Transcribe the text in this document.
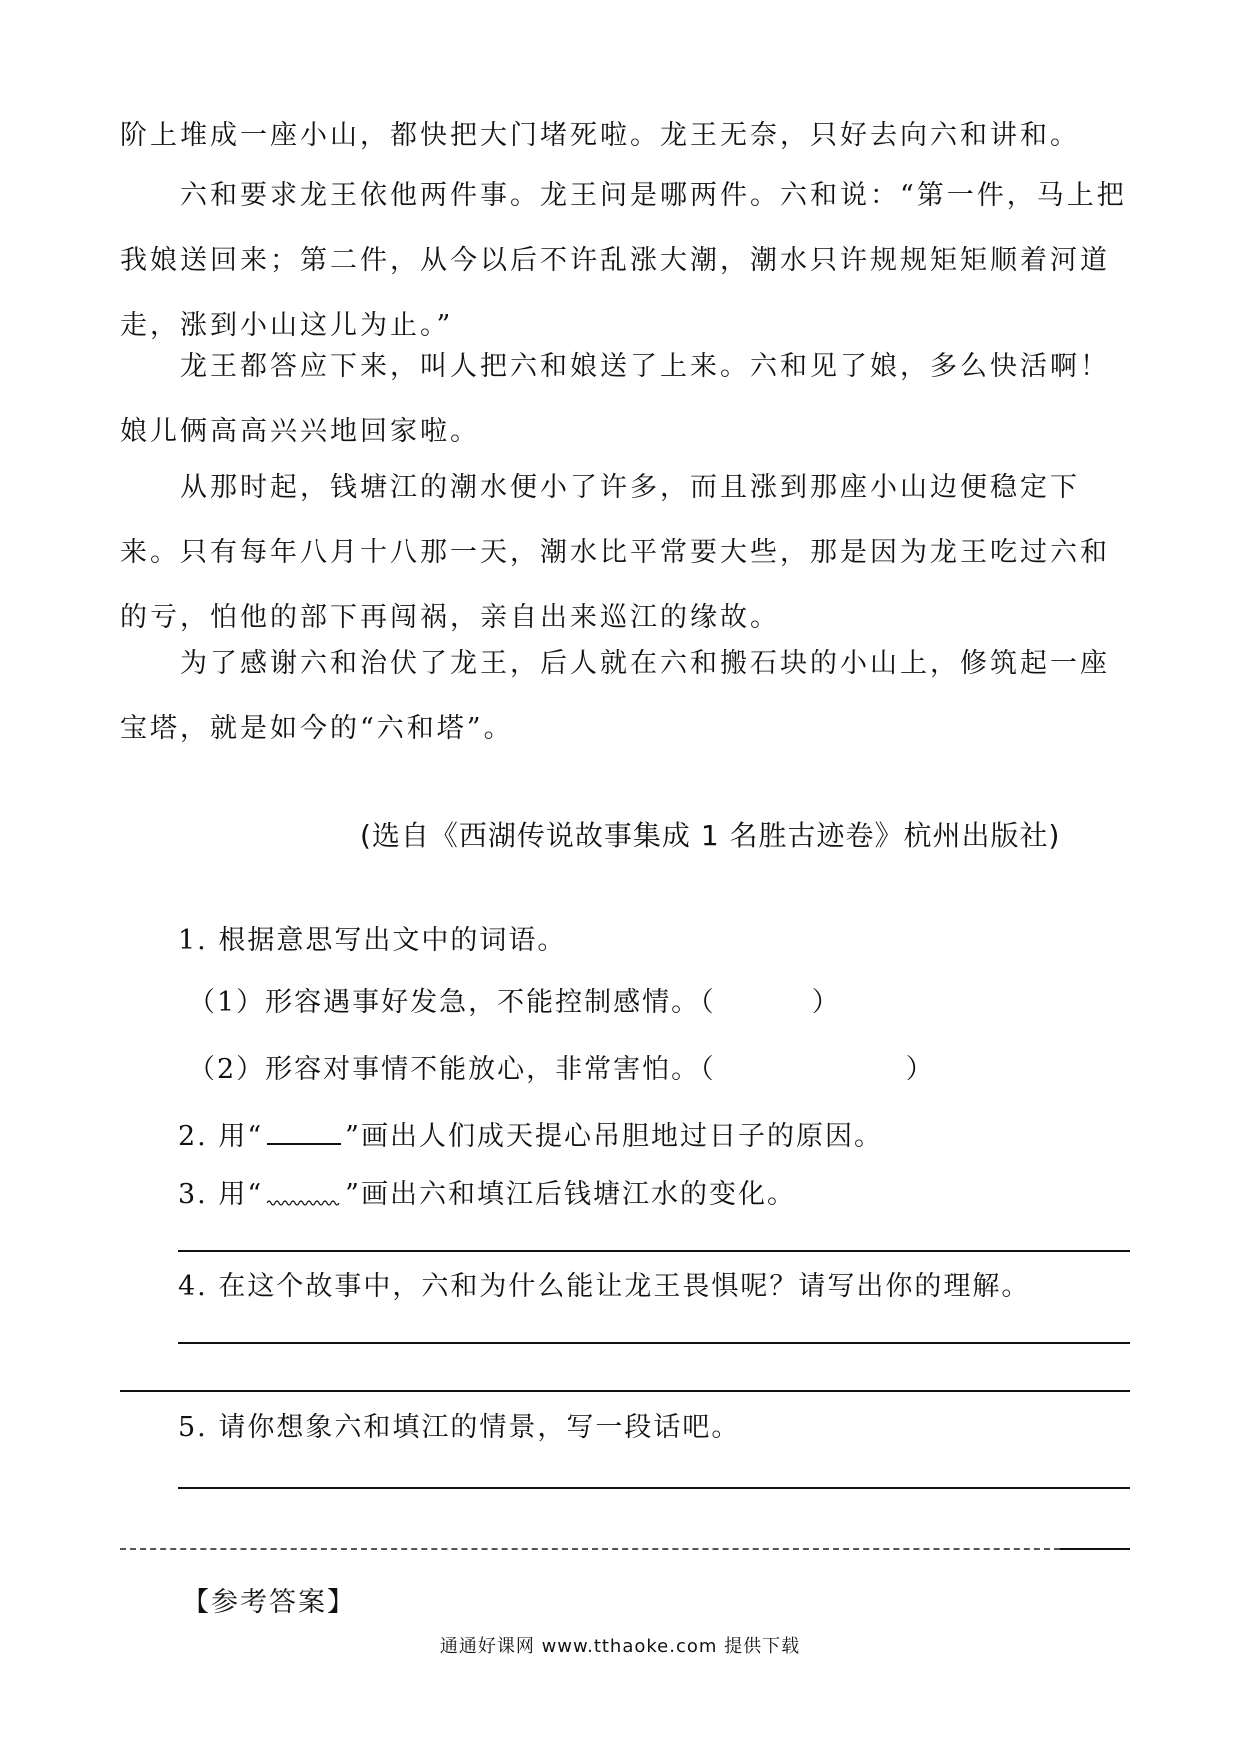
阶上堆成一座小山，都快把大门堵死啦。龙王无奈，只好去向六和讲和。

六和要求龙王依他两件事。龙王问是哪两件。六和说：“第一件，马上把我娘送回来；第二件，从今以后不许乱涨大潮，潮水只许规规矩矩顺着河道走，涨到小山这儿为止。”

龙王都答应下来，叫人把六和娘送了上来。六和见了娘，多么快活啊！娘儿俩高高兴兴地回家啦。

从那时起，钱塘江的潮水便小了许多，而且涨到那座小山边便稳定下来。只有每年八月十八那一天，潮水比平常要大些，那是因为龙王吃过六和的亏，怕他的部下再闯祸，亲自出来巡江的缘故。

为了感谢六和治伏了龙王，后人就在六和搬石块的小山上，修筑起一座宝塔，就是如今的“六和塔”。

(选自《西湖传说故事集成 1 名胜古迹卷》杭州出版社)

1. 根据意思写出文中的词语。

（1）形容遇事好发急，不能控制感情。（	）

（2）形容对事情不能放心，非常害怕。（	）

2. 用“	”画出人们成天提心吊胆地过日子的原因。

3. 用“	”画出六和填江后钱塘江水的变化。

4. 在这个故事中，六和为什么能让龙王畏惧呢？请写出你的理解。

5. 请你想象六和填江的情景，写一段话吧。

【参考答案】

通通好课网 www.tthaoke.com 提供下载
